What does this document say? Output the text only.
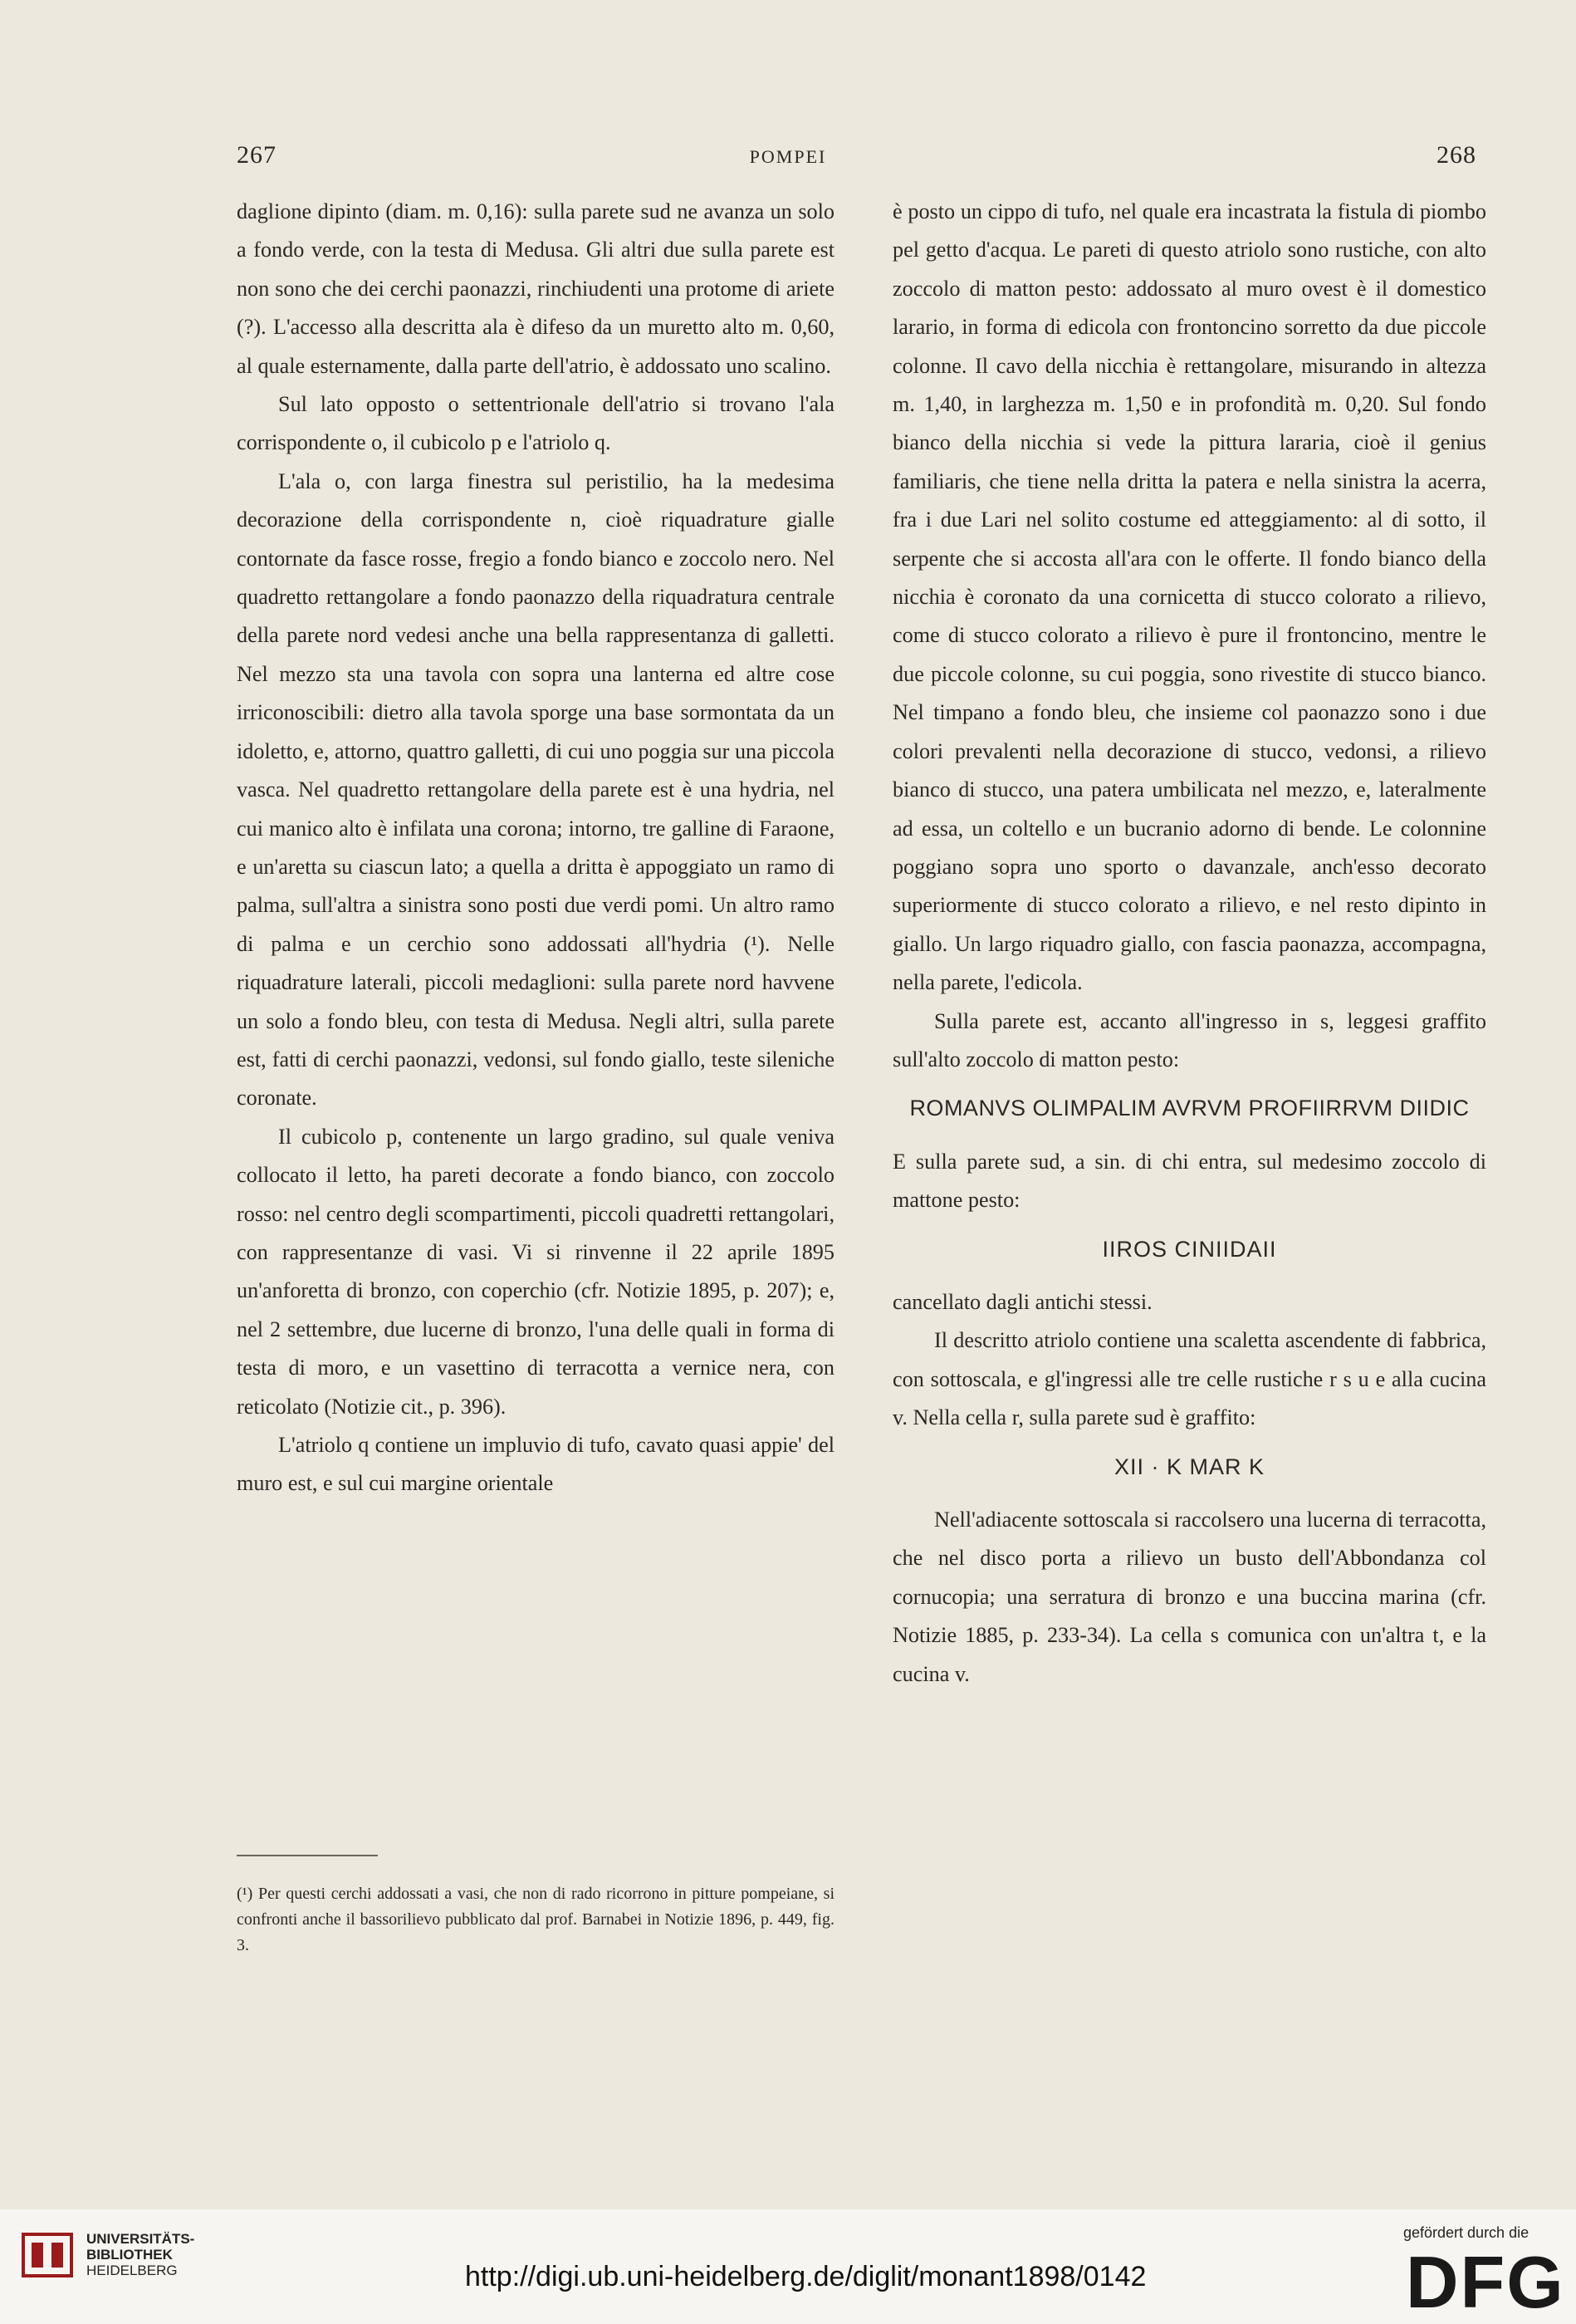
267	POMPEI	268

daglione dipinto (diam. m. 0,16): sulla parete sud ne avanza un solo a fondo verde, con la testa di Medusa. Gli altri due sulla parete est non sono che dei cerchi paonazzi, rinchiudenti una protome di ariete (?). L'accesso alla descritta ala è difeso da un muretto alto m. 0,60, al quale esternamente, dalla parte dell'atrio, è addossato uno scalino.

Sul lato opposto o settentrionale dell'atrio si trovano l'ala corrispondente o, il cubicolo p e l'atriolo q.

L'ala o, con larga finestra sul peristilio, ha la medesima decorazione della corrispondente n, cioè riquadrature gialle contornate da fasce rosse, fregio a fondo bianco e zoccolo nero. Nel quadretto rettangolare a fondo paonazzo della riquadratura centrale della parete nord vedesi anche una bella rappresentanza di galletti. Nel mezzo sta una tavola con sopra una lanterna ed altre cose irriconoscibili: dietro alla tavola sporge una base sormontata da un idoletto, e, attorno, quattro galletti, di cui uno poggia sur una piccola vasca. Nel quadretto rettangolare della parete est è una hydria, nel cui manico alto è infilata una corona; intorno, tre galline di Faraone, e un'aretta su ciascun lato; a quella a dritta è appoggiato un ramo di palma, sull'altra a sinistra sono posti due verdi pomi. Un altro ramo di palma e un cerchio sono addossati all'hydria (¹). Nelle riquadrature laterali, piccoli medaglioni: sulla parete nord havvene un solo a fondo bleu, con testa di Medusa. Negli altri, sulla parete est, fatti di cerchi paonazzi, vedonsi, sul fondo giallo, teste sileniche coronate.

Il cubicolo p, contenente un largo gradino, sul quale veniva collocato il letto, ha pareti decorate a fondo bianco, con zoccolo rosso: nel centro degli scompartimenti, piccoli quadretti rettangolari, con rappresentanze di vasi. Vi si rinvenne il 22 aprile 1895 un'anforetta di bronzo, con coperchio (cfr. Notizie 1895, p. 207); e, nel 2 settembre, due lucerne di bronzo, l'una delle quali in forma di testa di moro, e un vasettino di terracotta a vernice nera, con reticolato (Notizie cit., p. 396).

L'atriolo q contiene un impluvio di tufo, cavato quasi appie' del muro est, e sul cui margine orientale

(¹) Per questi cerchi addossati a vasi, che non di rado ricorrono in pitture pompeiane, si confronti anche il bassorilievo pubblicato dal prof. Barnabei in Notizie 1896, p. 449, fig. 3.

è posto un cippo di tufo, nel quale era incastrata la fistula di piombo pel getto d'acqua. Le pareti di questo atriolo sono rustiche, con alto zoccolo di matton pesto: addossato al muro ovest è il domestico larario, in forma di edicola con frontoncino sorretto da due piccole colonne. Il cavo della nicchia è rettangolare, misurando in altezza m. 1,40, in larghezza m. 1,50 e in profondità m. 0,20. Sul fondo bianco della nicchia si vede la pittura lararia, cioè il genius familiaris, che tiene nella dritta la patera e nella sinistra la acerra, fra i due Lari nel solito costume ed atteggiamento: al di sotto, il serpente che si accosta all'ara con le offerte. Il fondo bianco della nicchia è coronato da una cornicetta di stucco colorato a rilievo, come di stucco colorato a rilievo è pure il frontoncino, mentre le due piccole colonne, su cui poggia, sono rivestite di stucco bianco. Nel timpano a fondo bleu, che insieme col paonazzo sono i due colori prevalenti nella decorazione di stucco, vedonsi, a rilievo bianco di stucco, una patera umbilicata nel mezzo, e, lateralmente ad essa, un coltello e un bucranio adorno di bende. Le colonnine poggiano sopra uno sporto o davanzale, anch'esso decorato superiormente di stucco colorato a rilievo, e nel resto dipinto in giallo. Un largo riquadro giallo, con fascia paonazza, accompagna, nella parete, l'edicola.

Sulla parete est, accanto all'ingresso in s, leggesi graffito sull'alto zoccolo di matton pesto:

ROMANVS OLIMPALIM AVRVM PROFIIRRVM DIIDIC

E sulla parete sud, a sin. di chi entra, sul medesimo zoccolo di mattone pesto:

IIROS CINIIDAII

cancellato dagli antichi stessi.

Il descritto atriolo contiene una scaletta ascendente di fabbrica, con sottoscala, e gl'ingressi alle tre celle rustiche r s u e alla cucina v. Nella cella r, sulla parete sud è graffito:

XII · K MAR K

Nell'adiacente sottoscala si raccolsero una lucerna di terracotta, che nel disco porta a rilievo un busto dell'Abbondanza col cornucopia; una serratura di bronzo e una buccina marina (cfr. Notizie 1885, p. 233-34). La cella s comunica con un'altra t, e la cucina v.

UNIVERSITÄTS-
BIBLIOTHEK
HEIDELBERG	http://digi.ub.uni-heidelberg.de/diglit/monant1898/0142
gefördert durch die
DFG
